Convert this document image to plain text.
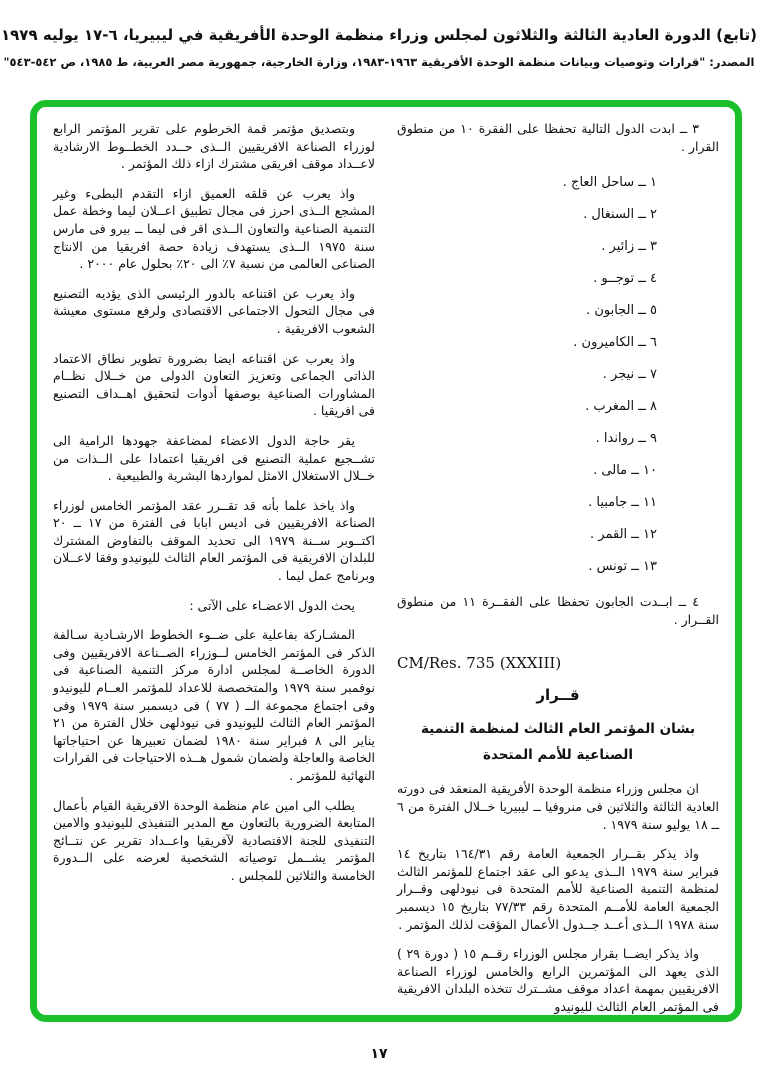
(تابع) الدورة العادية الثالثة والثلاثون لمجلس وزراء منظمة الوحدة الأفريقية في ليبيريا، ٦-١٧ يوليه ١٩٧٩
المصدر: "قرارات وتوصيات وبيانات منظمة الوحدة الأفريقية ١٩٦٣-١٩٨٣، وزارة الخارجية، جمهورية مصر العربية، ط ١٩٨٥، ص ٥٤٢-٥٤٣"

٣ ــ ابدت الدول التالية تحفظا على الفقرة ١٠ من منطوق القرار .

١ ــ ساحل العاج .
٢ ــ السنغال .
٣ ــ زائير .
٤ ــ توجــو .
٥ ــ الجابون .
٦ ــ الكاميرون .
٧ ــ نيجر .
٨ ــ المغرب .
٩ ــ رواندا .
١٠ ــ مالى .
١١ ــ جامبيا .
١٢ ــ القمر .
١٣ ــ تونس .

٤ ــ ابــدت الجابون تحفظا على الفقــرة ١١ من منطوق القــرار .

CM/Res. 735 (XXXIII)
قــرار
بشان المؤتمر العام الثالث لمنظمة التنمية
الصناعية للأمم المتحدة

ان مجلس وزراء منظمة الوحدة الأفريقية المنعقد فى دورته العادية الثالثة والثلاثين فى منروفيا ــ ليبيريا خــلال الفترة من ٦ ــ ١٨ يوليو سنة ١٩٧٩ .

واذ يذكر بقــرار الجمعية العامة رقم ١٦٤/٣١ بتاريخ ١٤ فبراير سنة ١٩٧٩ الــذى يدعو الى عقد اجتماع للمؤتمر الثالث لمنظمة التنمية الصناعية للأمم المتحدة فى نيودلهى وقــرار الجمعية العامة للأمــم المتحدة رقم ٧٧/٣٣ بتاريخ ١٥ ديسمبر سنة ١٩٧٨ الــذى أعــد جــدول الأعمال المؤقت لذلك المؤتمر .

واذ يذكر ايضــا بقرار مجلس الوزراء رقــم ١٥ ( دورة ٢٩ ) الذى يعهد الى المؤتمرين الرابع والخامس لوزراء الصناعة الافريقيين بمهمة اعداد موقف مشــترك تتخذه البلدان الافريقية فى المؤتمر العام الثالث لليونيدو

وبتصديق مؤتمر قمة الخرطوم على تقرير المؤتمر الرابع لوزراء الصناعة الافريقيين الــذى حــدد الخطــوط الارشادية لاعــداد موقف افريقى مشترك ازاء ذلك المؤتمر .

واذ يعرب عن قلقه العميق ازاء التقدم البطىء وغير المشجع الــذى احرز فى مجال تطبيق اعــلان ليما وخطة عمل التنمية الصناعية والتعاون الــذى اقر فى ليما ــ بيرو فى مارس سنة ١٩٧٥ الــذى يستهدف زيادة حصة افريقيا من الانتاج الصناعى العالمى من نسبة ٧٪ الى ٢٠٪ بحلول عام ٢٠٠٠ .

واذ يعرب عن اقتناعه بالدور الرئيسى الذى يؤديه التصنيع فى مجال التحول الاجتماعى الاقتصادى ولرفع مستوى معيشة الشعوب الافريقية .

واذ يعرب عن اقتناعه ايضا بضرورة تطوير نطاق الاعتماد الذاتى الجماعى وتعزيز التعاون الدولى من خــلال نظــام المشاورات الصناعية بوصفها أدوات لتحقيق اهــداف التصنيع فى افريقيا .

يقر حاجة الدول الاعضاء لمضاعفة جهودها الرامية الى تشــجيع عملية التصنيع فى افريقيا اعتمادا على الــذات من خــلال الاستغلال الامثل لمواردها البشرية والطبيعية .

واذ ياخذ علما بأنه قد تقــرر عقد المؤتمر الخامس لوزراء الصناعة الافريقيين فى اديس ابابا فى الفترة من ١٧ ــ ٢٠ اكتــوبر ســنة ١٩٧٩ الى تحديد الموقف بالتفاوض المشترك للبلدان الافريقية فى المؤتمر العام الثالث لليونيدو وفقا لاعــلان وبرنامج عمل ليما .

يحث الدول الاعضـاء على الآتى :

المشـاركة بفاعلية على ضــوء الخطوط الارشـادية سـالفة الذكر فى المؤتمر الخامس لــوزراء الصــناعة الافريقيين وفى الدورة الخاصــة لمجلس ادارة مركز التنمية الصناعية فى نوفمبر سنة ١٩٧٩ والمتخصصة للاعداد للمؤتمر العــام لليونيدو وفى اجتماع مجموعة الــ ( ٧٧ ) فى ديسمبر سنة ١٩٧٩ وفى المؤتمر العام الثالث لليونيدو فى نيودلهى خلال الفترة من ٢١ يناير الى ٨ فبراير سنة ١٩٨٠ لضمان تعبيرها عن احتياجاتها الخاصة والعاجلة ولضمان شمول هــذه الاحتياجات فى القرارات النهائية للمؤتمر .

يطلب الى امين عام منظمة الوحدة الافريقية القيام بأعمال المتابعة الضرورية بالتعاون مع المدير التنفيذى لليونيدو والامين التنفيذى للجنة الاقتصادية لآفريقيا واعــداد تقرير عن نتــائج المؤتمر يشــمل توصياته الشخصية لعرضه على الــدورة الخامسة والثلاثين للمجلس .

١٧
